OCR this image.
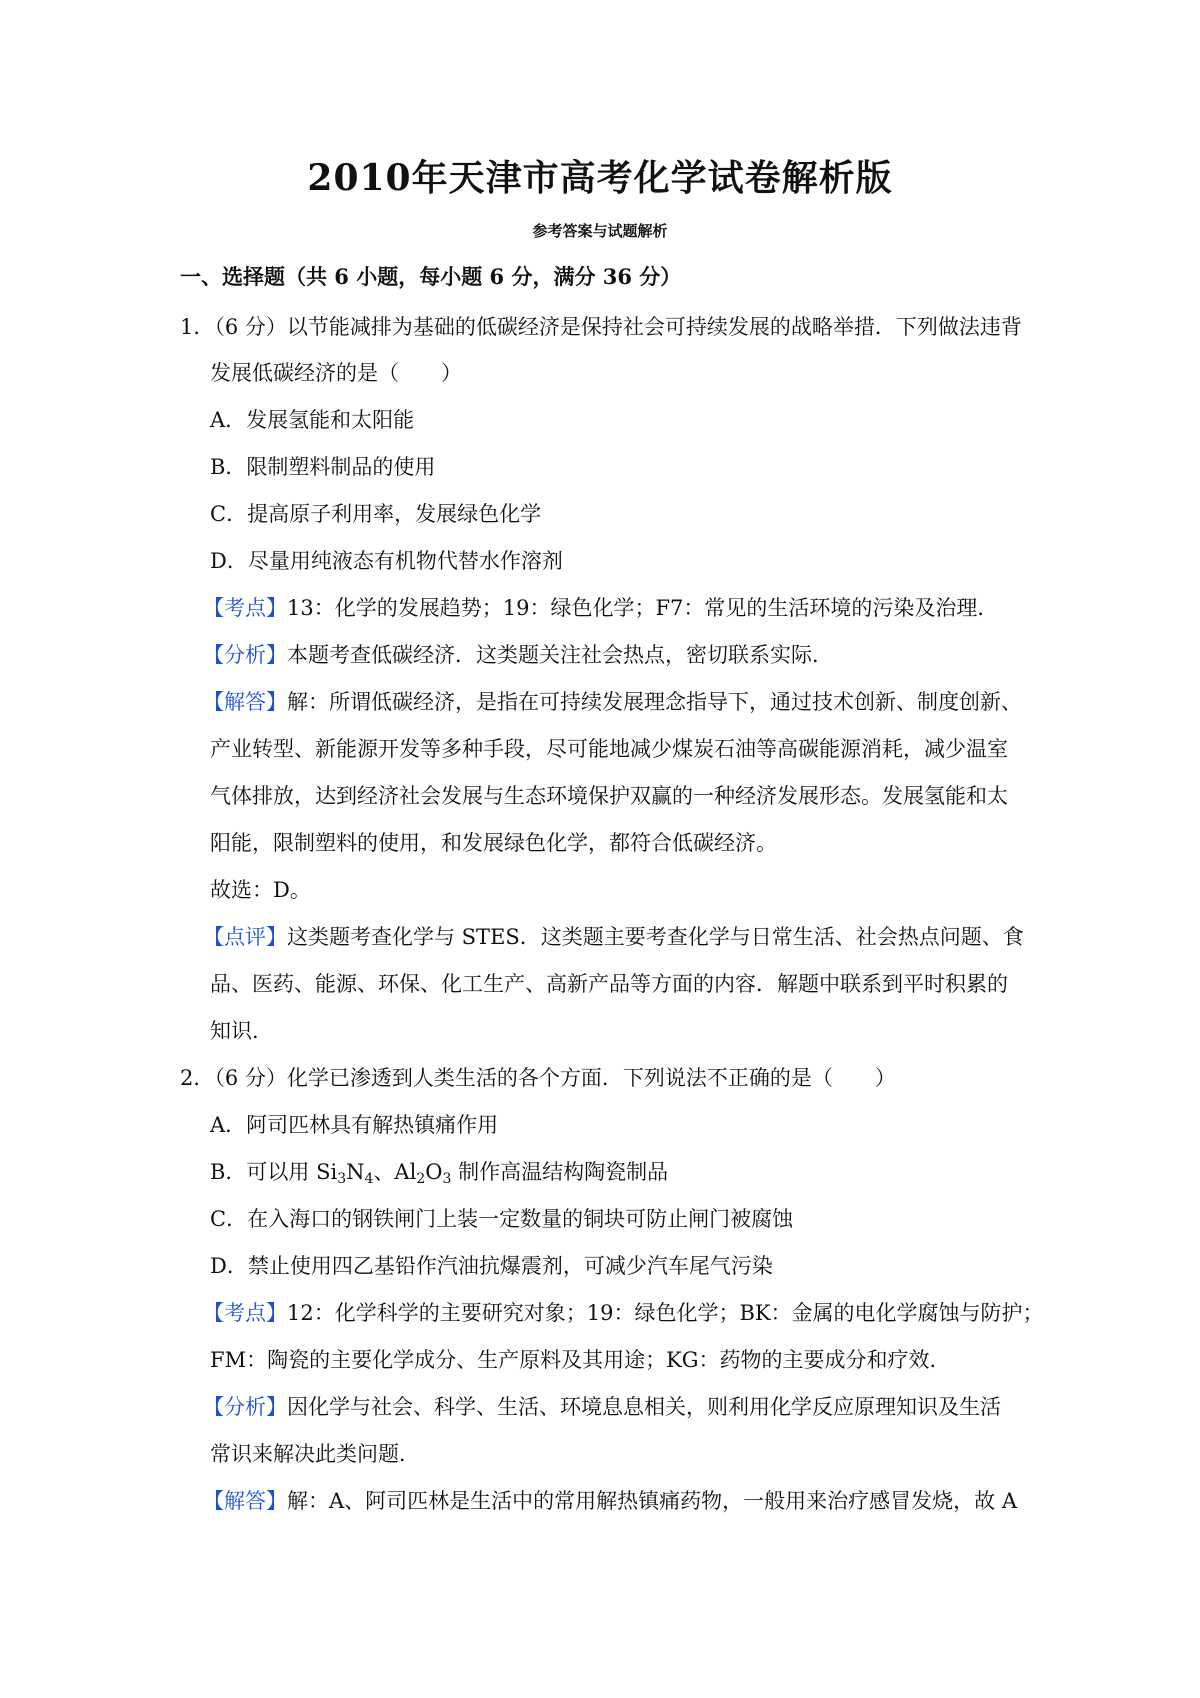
2010年天津市高考化学试卷解析版
参考答案与试题解析
一、选择题（共 6 小题，每小题 6 分，满分 36 分）
1．（6 分）以节能减排为基础的低碳经济是保持社会可持续发展的战略举措．下列做法违背
发展低碳经济的是（　　）
A．发展氢能和太阳能
B．限制塑料制品的使用
C．提高原子利用率，发展绿色化学
D．尽量用纯液态有机物代替水作溶剂
【考点】13：化学的发展趋势；19：绿色化学；F7：常见的生活环境的污染及治理．
【分析】本题考查低碳经济．这类题关注社会热点，密切联系实际．
【解答】解：所谓低碳经济，是指在可持续发展理念指导下，通过技术创新、制度创新、
产业转型、新能源开发等多种手段，尽可能地减少煤炭石油等高碳能源消耗，减少温室
气体排放，达到经济社会发展与生态环境保护双赢的一种经济发展形态。发展氢能和太
阳能，限制塑料的使用，和发展绿色化学，都符合低碳经济。
故选：D。
【点评】这类题考查化学与 STES．这类题主要考查化学与日常生活、社会热点问题、食
品、医药、能源、环保、化工生产、高新产品等方面的内容．解题中联系到平时积累的
知识．
2．（6 分）化学已渗透到人类生活的各个方面．下列说法不正确的是（　　）
A．阿司匹林具有解热镇痛作用
B．可以用 $Si_3N_4$、$Al_2O_3$ 制作高温结构陶瓷制品
C．在入海口的钢铁闸门上装一定数量的铜块可防止闸门被腐蚀
D．禁止使用四乙基铅作汽油抗爆震剂，可减少汽车尾气污染
【考点】12：化学科学的主要研究对象；19：绿色化学；BK：金属的电化学腐蚀与防护；
FM：陶瓷的主要化学成分、生产原料及其用途；KG：药物的主要成分和疗效．
【分析】因化学与社会、科学、生活、环境息息相关，则利用化学反应原理知识及生活
常识来解决此类问题．
【解答】解：A、阿司匹林是生活中的常用解热镇痛药物，一般用来治疗感冒发烧，故 A
